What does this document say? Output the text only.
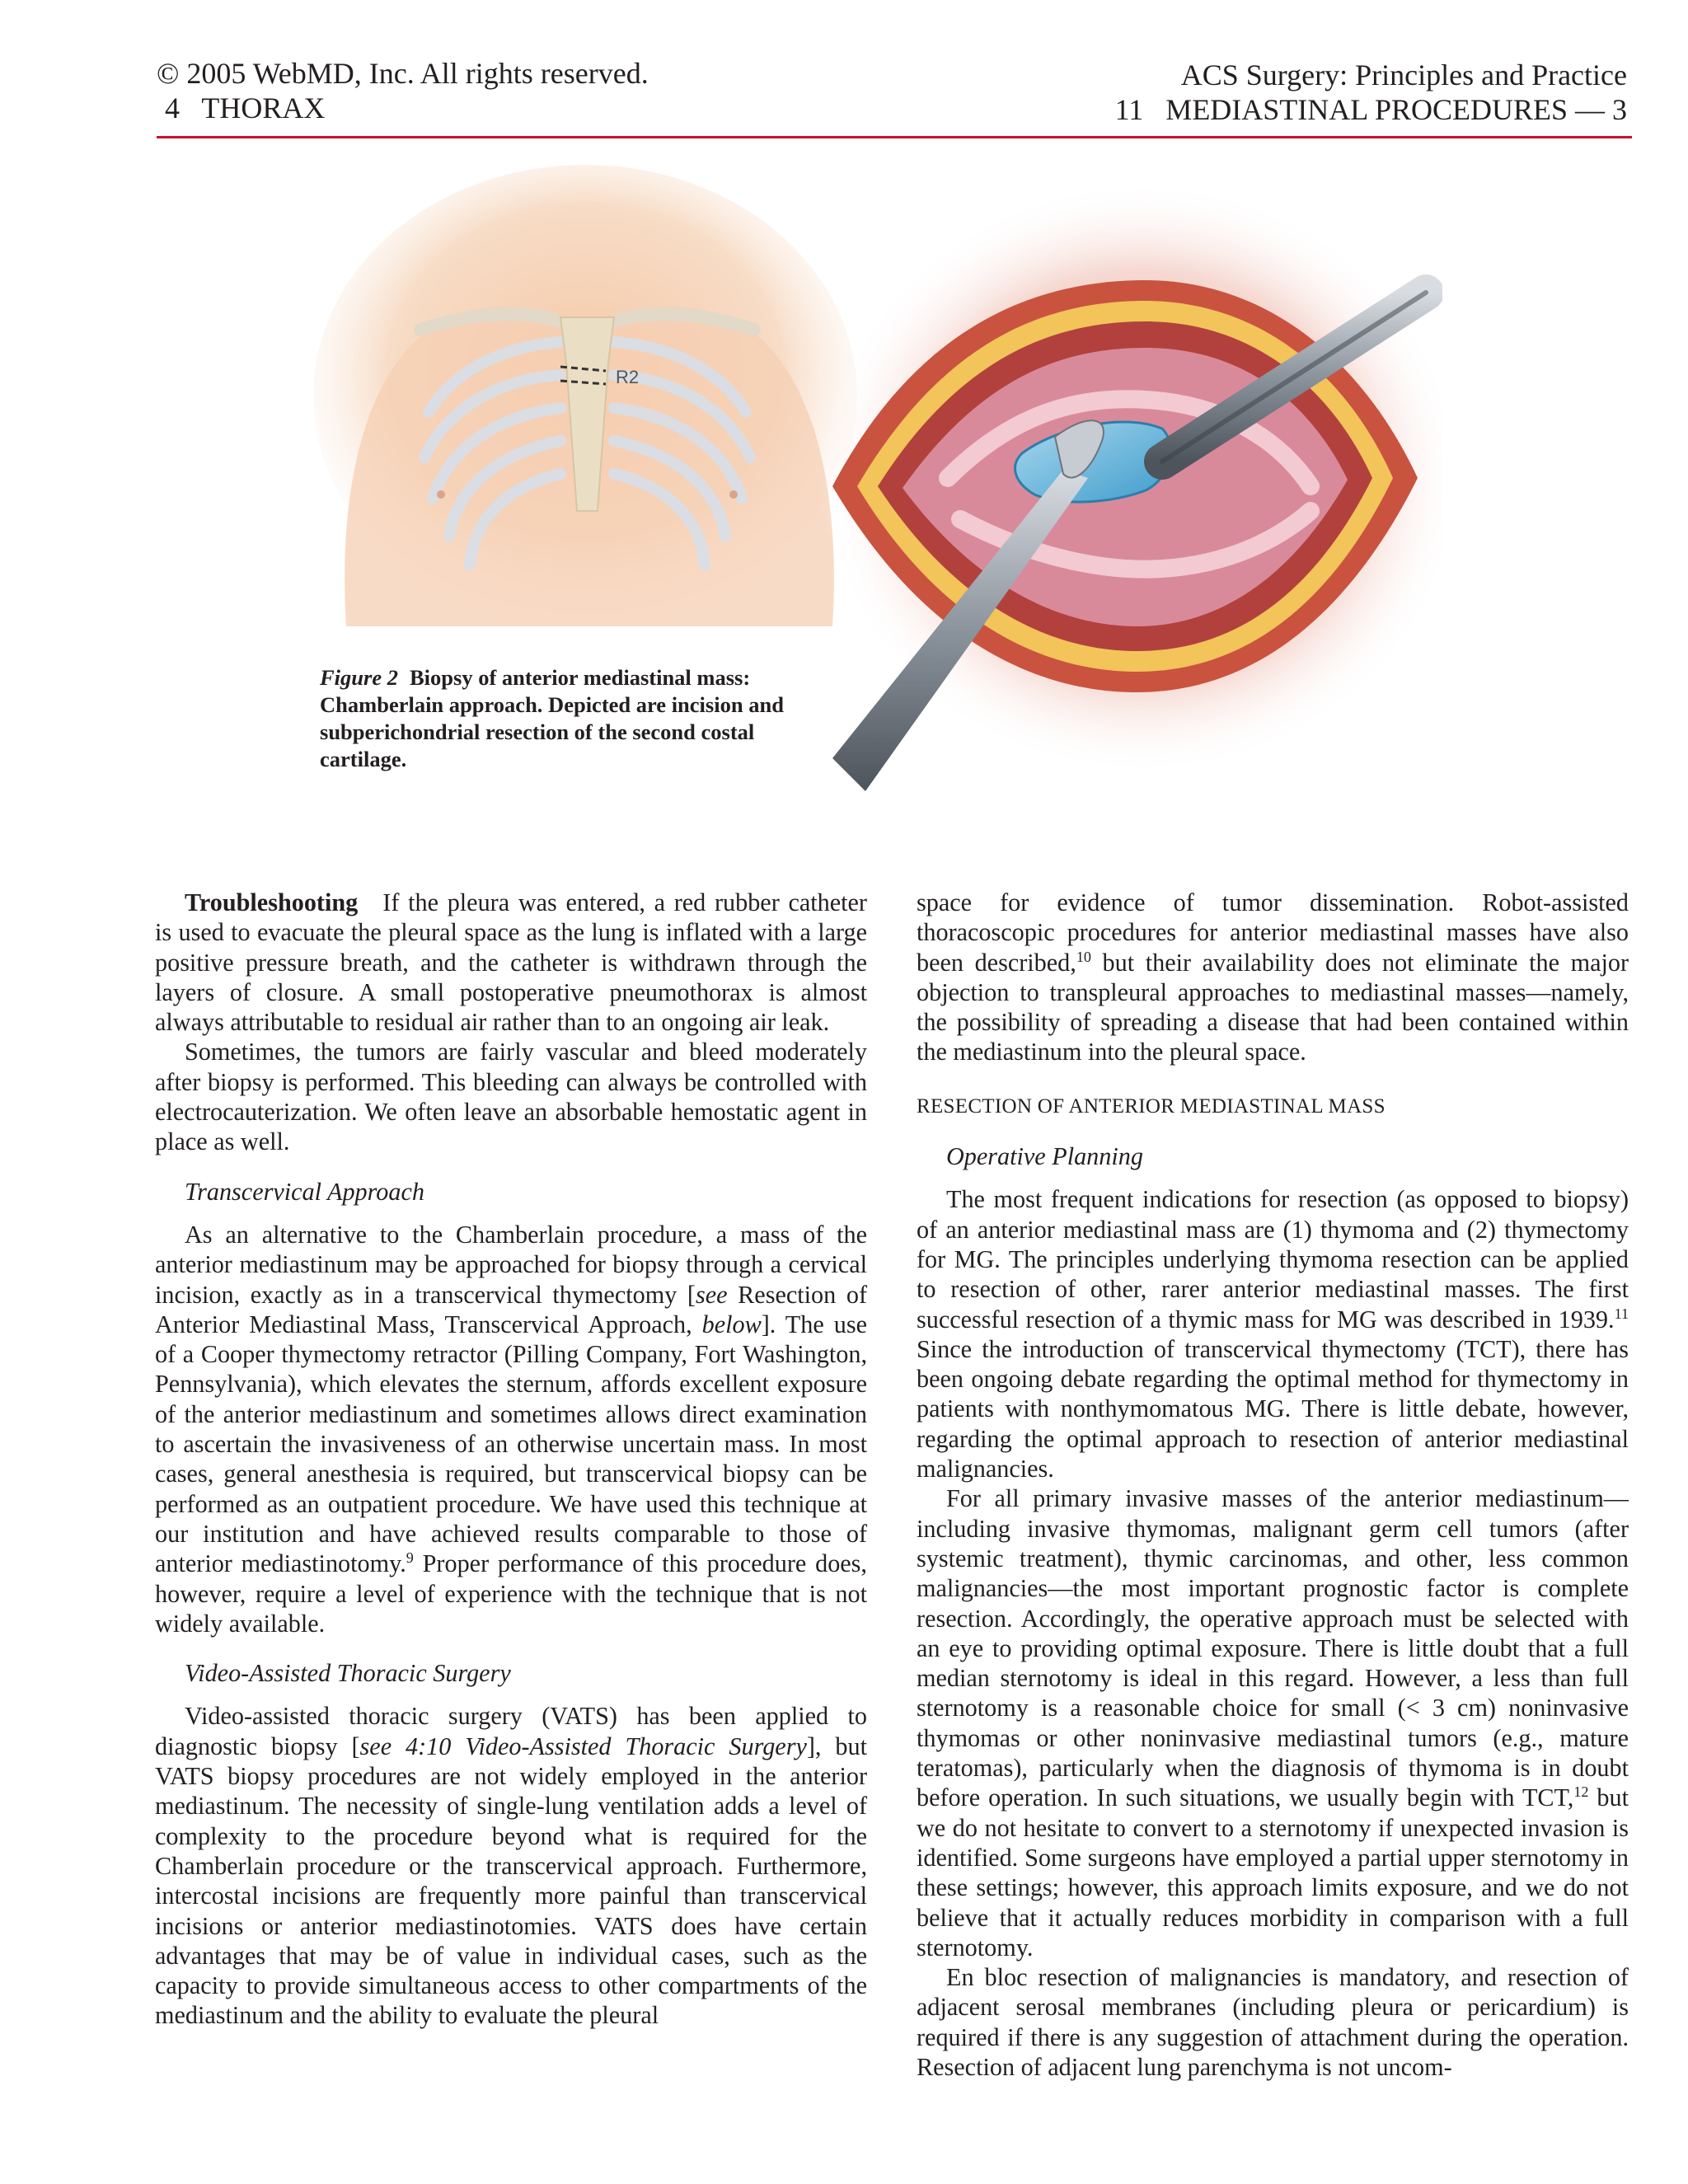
© 2005 WebMD, Inc. All rights reserved.
4   THORAX
ACS Surgery: Principles and Practice
11   MEDIASTINAL PROCEDURES — 3
R2
Figure 2 Biopsy of anterior mediastinal mass: Chamberlain approach. Depicted are incision and subperichondrial resection of the second costal cartilage.

Troubleshooting If the pleura was entered, a red rubber catheter is used to evacuate the pleural space as the lung is inflated with a large positive pressure breath, and the catheter is withdrawn through the layers of closure. A small postoperative pneumothorax is almost always attributable to residual air rather than to an ongoing air leak.

Sometimes, the tumors are fairly vascular and bleed moderately after biopsy is performed. This bleeding can always be controlled with electrocauterization. We often leave an absorbable hemostatic agent in place as well.

Transcervical Approach

As an alternative to the Chamberlain procedure, a mass of the anterior mediastinum may be approached for biopsy through a cervical incision, exactly as in a transcervical thymectomy [see Resection of Anterior Mediastinal Mass, Transcervical Approach, below]. The use of a Cooper thymectomy retractor (Pilling Company, Fort Washington, Pennsylvania), which elevates the sternum, affords excellent exposure of the anterior mediastinum and sometimes allows direct examination to ascertain the invasiveness of an otherwise uncertain mass. In most cases, general anesthesia is required, but transcervical biopsy can be performed as an outpatient procedure. We have used this technique at our institution and have achieved results comparable to those of anterior mediastinotomy.$^9$ Proper performance of this procedure does, however, require a level of experience with the technique that is not widely available.

Video-Assisted Thoracic Surgery

Video-assisted thoracic surgery (VATS) has been applied to diagnostic biopsy [see 4:10 Video-Assisted Thoracic Surgery], but VATS biopsy procedures are not widely employed in the anterior mediastinum. The necessity of single-lung ventilation adds a level of complexity to the procedure beyond what is required for the Chamberlain procedure or the transcervical approach. Furthermore, intercostal incisions are frequently more painful than transcervical incisions or anterior mediastinotomies. VATS does have certain advantages that may be of value in individual cases, such as the capacity to provide simultaneous access to other compartments of the mediastinum and the ability to evaluate the pleural

space for evidence of tumor dissemination. Robot-assisted thoracoscopic procedures for anterior mediastinal masses have also been described,$^{10}$ but their availability does not eliminate the major objection to transpleural approaches to mediastinal masses—namely, the possibility of spreading a disease that had been contained within the mediastinum into the pleural space.

RESECTION OF ANTERIOR MEDIASTINAL MASS
Operative Planning

The most frequent indications for resection (as opposed to biopsy) of an anterior mediastinal mass are (1) thymoma and (2) thymectomy for MG. The principles underlying thymoma resection can be applied to resection of other, rarer anterior mediastinal masses. The first successful resection of a thymic mass for MG was described in 1939.11 Since the introduction of transcervical thymectomy (TCT), there has been ongoing debate regarding the optimal method for thymectomy in patients with nonthymomatous MG. There is little debate, however, regarding the optimal approach to resection of anterior mediastinal malignancies.

For all primary invasive masses of the anterior mediastinum—including invasive thymomas, malignant germ cell tumors (after systemic treatment), thymic carcinomas, and other, less common malignancies—the most important prognostic factor is complete resection. Accordingly, the operative approach must be selected with an eye to providing optimal exposure. There is little doubt that a full median sternotomy is ideal in this regard. However, a less than full sternotomy is a reasonable choice for small (< 3 cm) noninvasive thymomas or other noninvasive mediastinal tumors (e.g., mature teratomas), particularly when the diagnosis of thymoma is in doubt before operation. In such situations, we usually begin with TCT,$^{12}$ but we do not hesitate to convert to a sternotomy if unexpected invasion is identified. Some surgeons have employed a partial upper sternotomy in these settings; however, this approach limits exposure, and we do not believe that it actually reduces morbidity in comparison with a full sternotomy.

En bloc resection of malignancies is mandatory, and resection of adjacent serosal membranes (including pleura or pericardium) is required if there is any suggestion of attachment during the operation. Resection of adjacent lung parenchyma is not uncom-
